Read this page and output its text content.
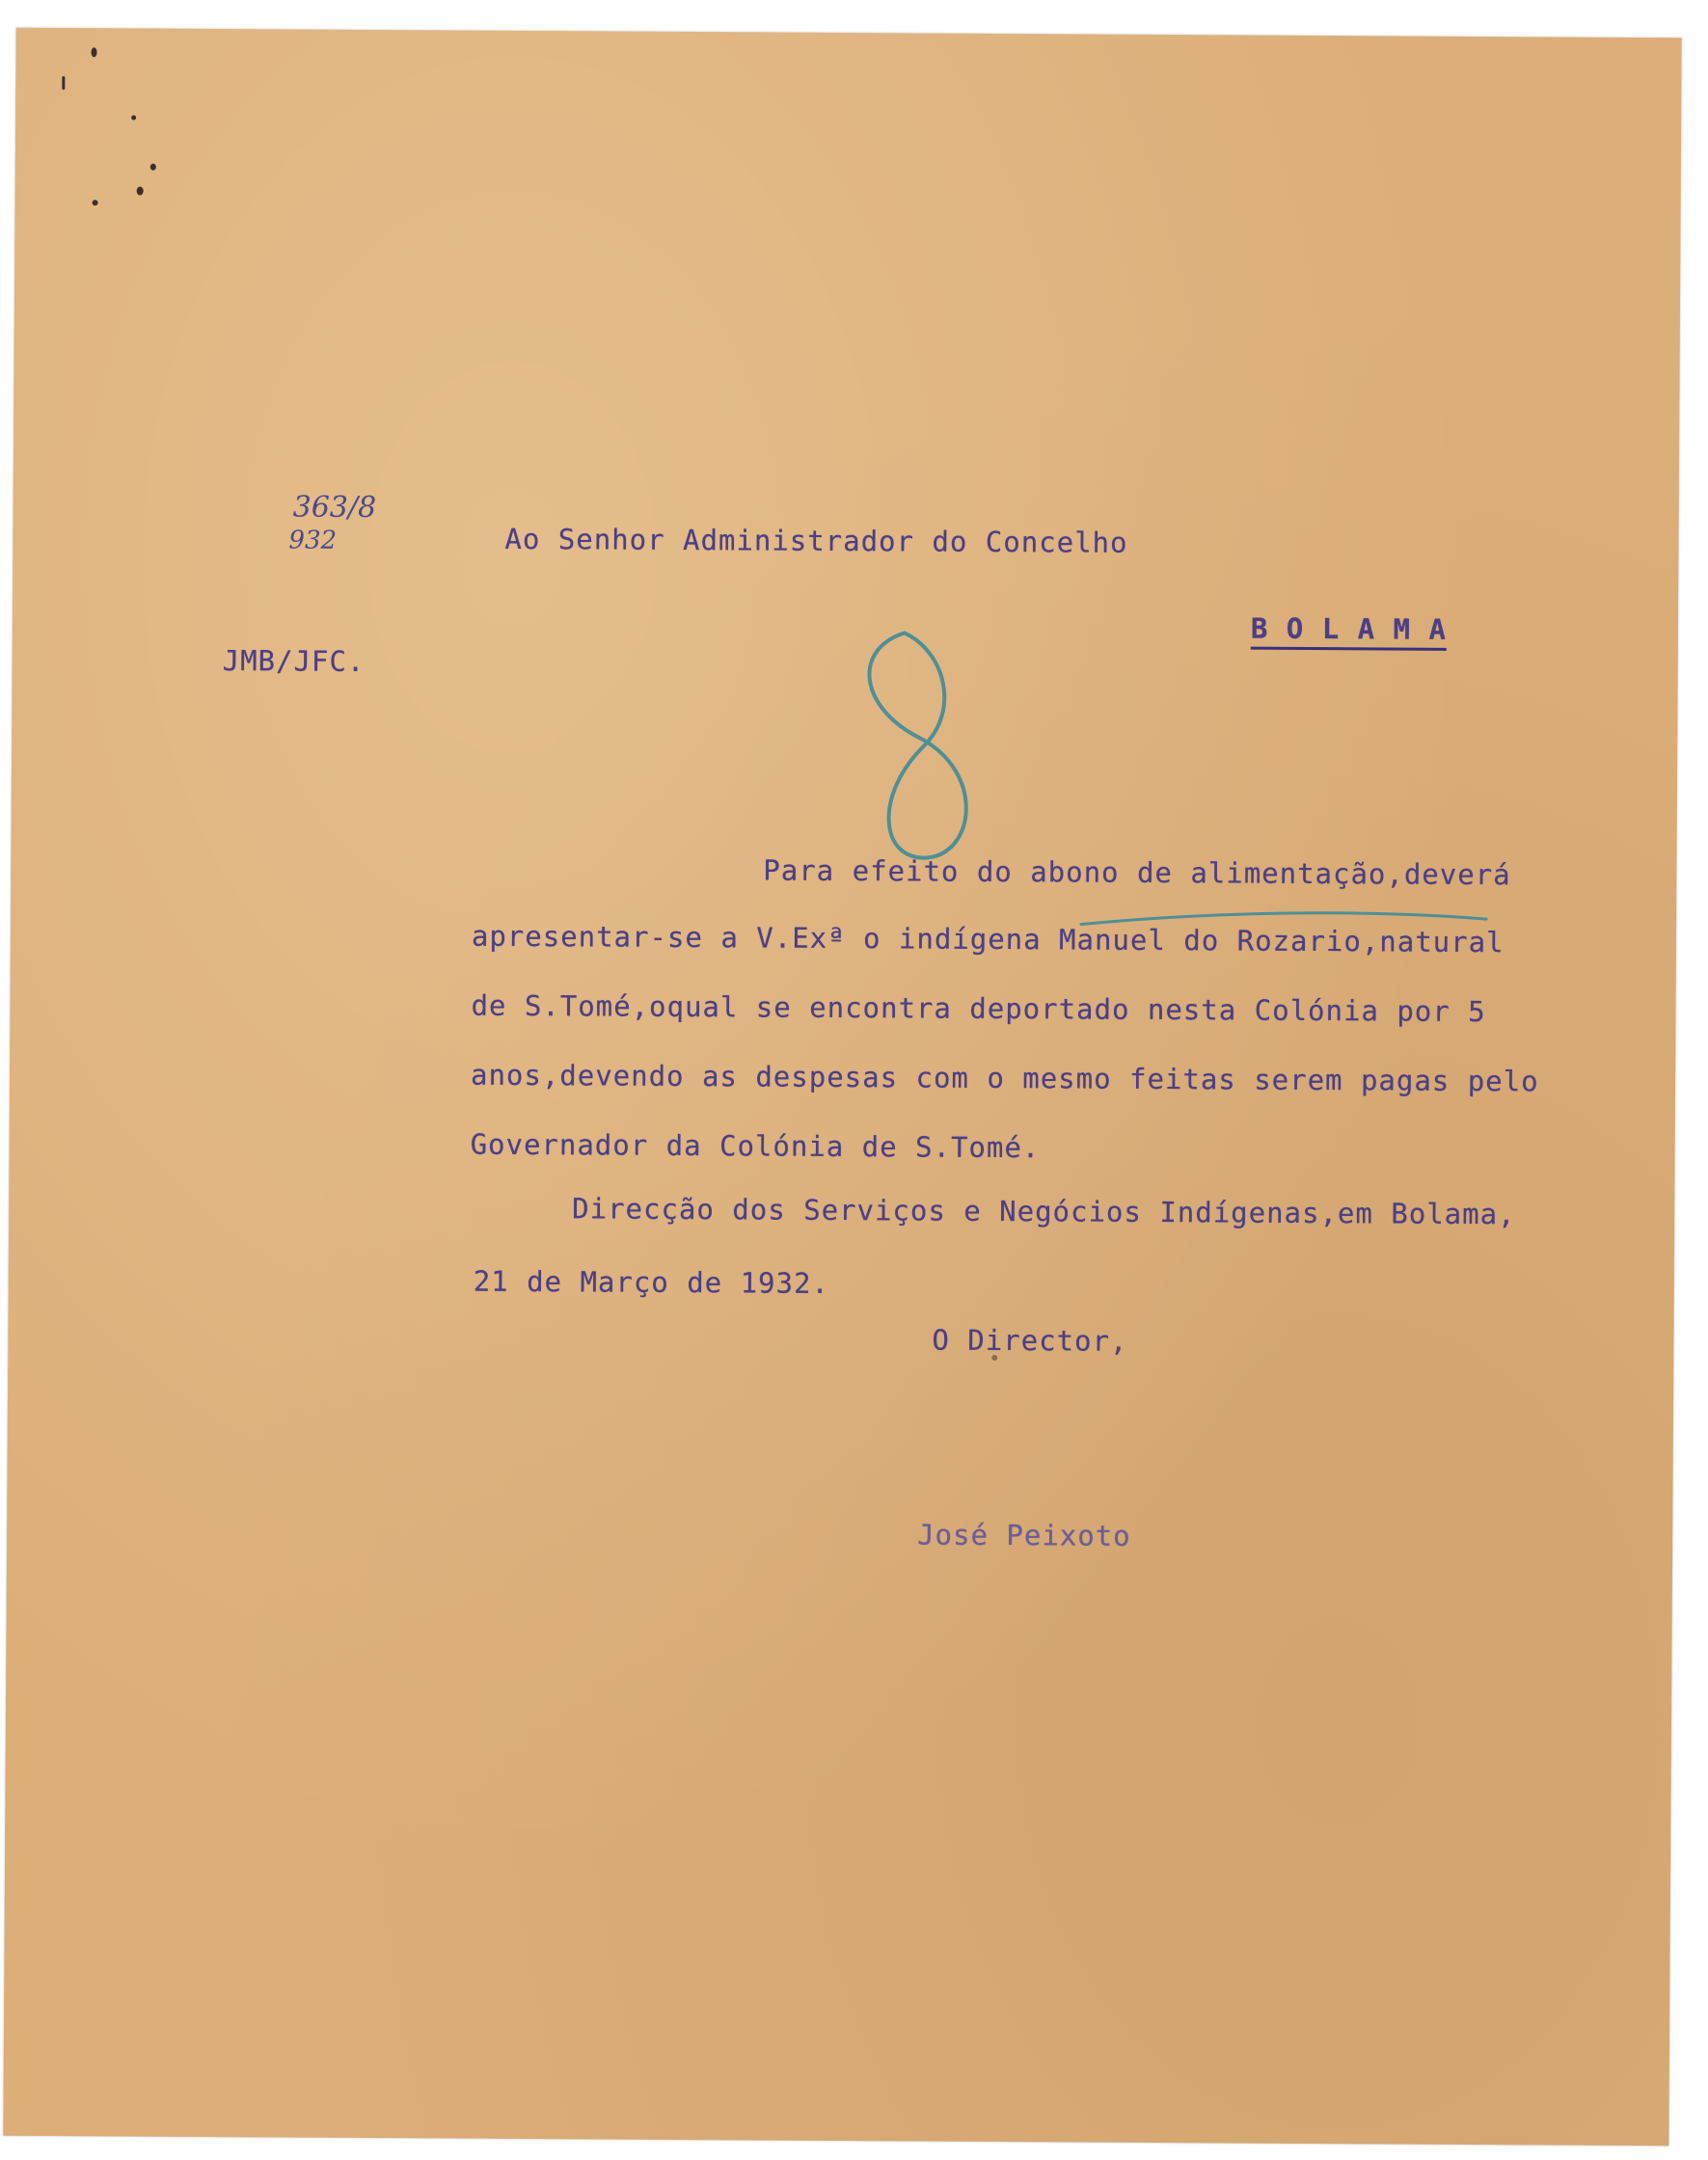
363/8
932
JMB/JFC.
Ao Senhor Administrador do Concelho
B O L A M A
Para efeito do abono de alimentação,deverá
apresentar-se a V.Exª o indígena Manuel do Rozario,natural
de S.Tomé,oqual se encontra deportado nesta Colónia por 5
anos,devendo as despesas com o mesmo feitas serem pagas pelo
Governador da Colónia de S.Tomé.
Direcção dos Serviços e Negócios Indígenas,em Bolama,
21 de Março de 1932.
O Director,
José Peixoto
